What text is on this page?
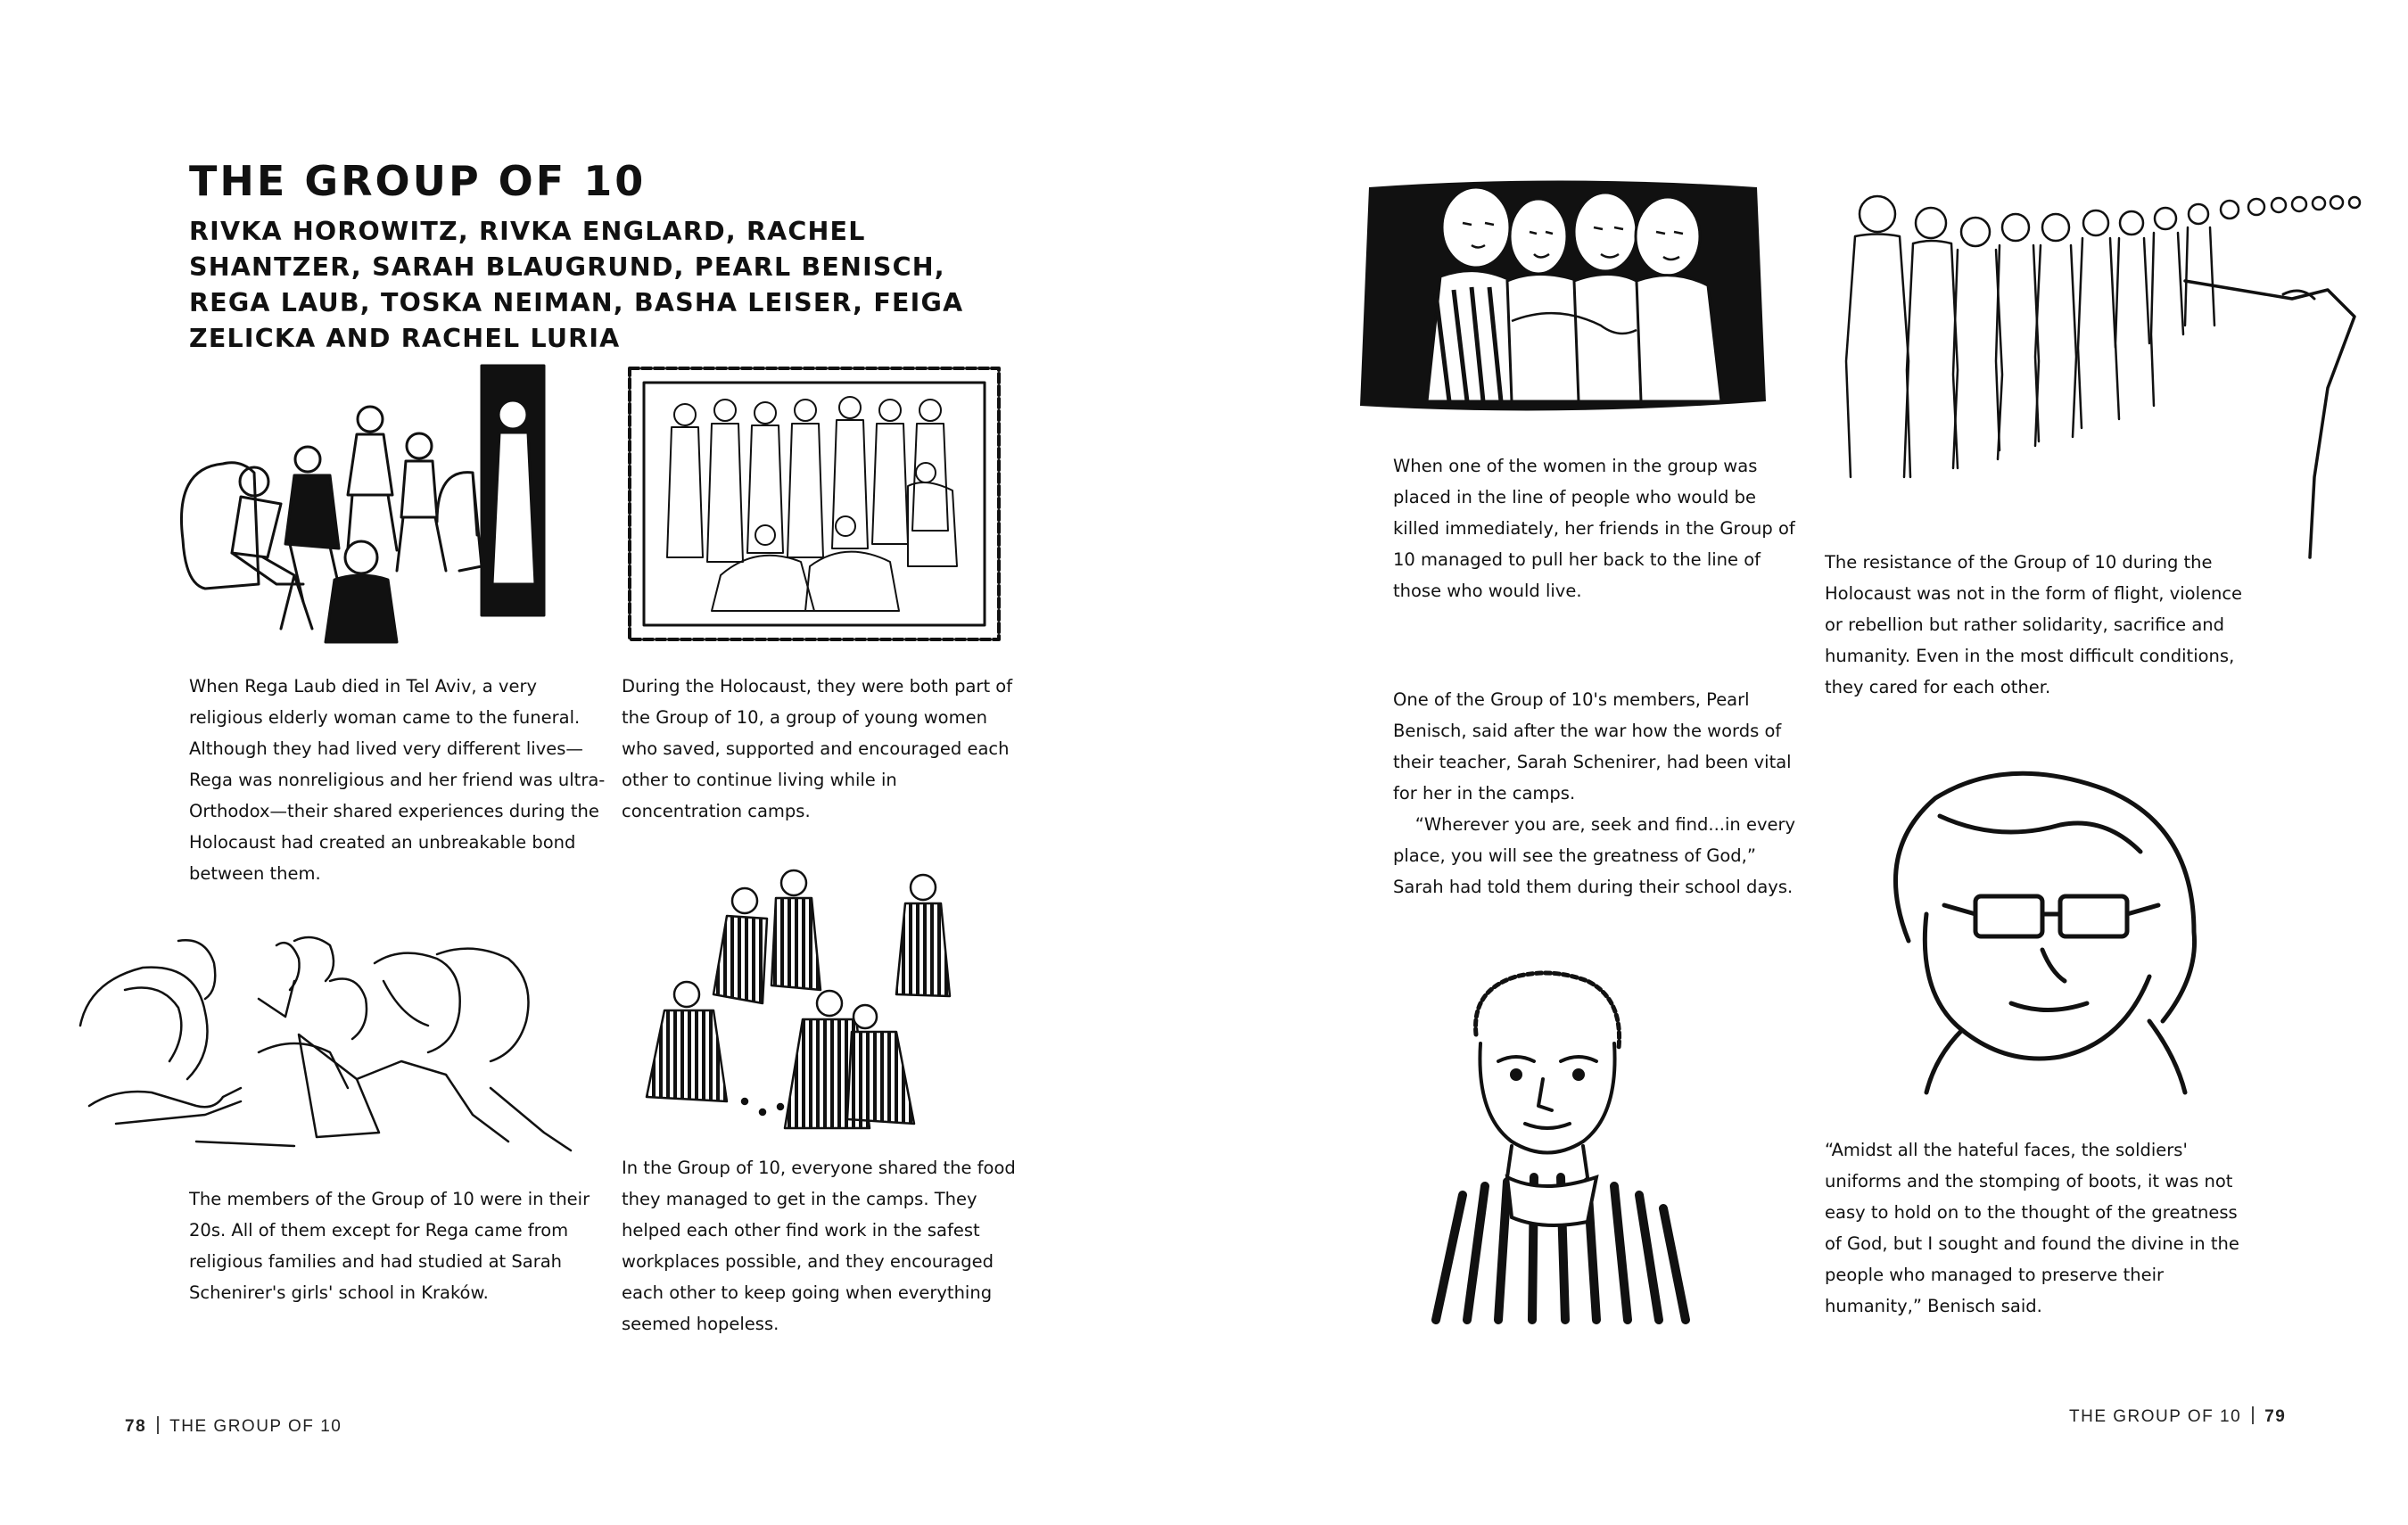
THE GROUP OF 10
RIVKA HOROWITZ, RIVKA ENGLARD, RACHEL SHANTZER, SARAH BLAUGRUND, PEARL BENISCH, REGA LAUB, TOSKA NEIMAN, BASHA LEISER, FEIGA ZELICKA AND RACHEL LURIA
When Rega Laub died in Tel Aviv, a very religious elderly woman came to the funeral. Although they had lived very different lives—Rega was nonreligious and her friend was ultra-Orthodox—their shared experiences during the Holocaust had created an unbreakable bond between them.
During the Holocaust, they were both part of the Group of 10, a group of young women who saved, supported and encouraged each other to continue living while in concentration camps.
The members of the Group of 10 were in their 20s. All of them except for Rega came from religious families and had studied at Sarah Schenirer's girls' school in Kraków.
In the Group of 10, everyone shared the food they managed to get in the camps. They helped each other find work in the safest workplaces possible, and they encouraged each other to keep going when everything seemed hopeless.
78 THE GROUP OF 10
When one of the women in the group was placed in the line of people who would be killed immediately, her friends in the Group of 10 managed to pull her back to the line of those who would live.
The resistance of the Group of 10 during the Holocaust was not in the form of flight, violence or rebellion but rather solidarity, sacrifice and humanity. Even in the most difficult conditions, they cared for each other.
One of the Group of 10's members, Pearl Benisch, said after the war how the words of their teacher, Sarah Schenirer, had been vital for her in the camps.
“Wherever you are, seek and find...in every place, you will see the greatness of God,” Sarah had told them during their school days.
“Amidst all the hateful faces, the soldiers' uniforms and the stomping of boots, it was not easy to hold on to the thought of the greatness of God, but I sought and found the divine in the people who managed to preserve their humanity,” Benisch said.
THE GROUP OF 10 79
